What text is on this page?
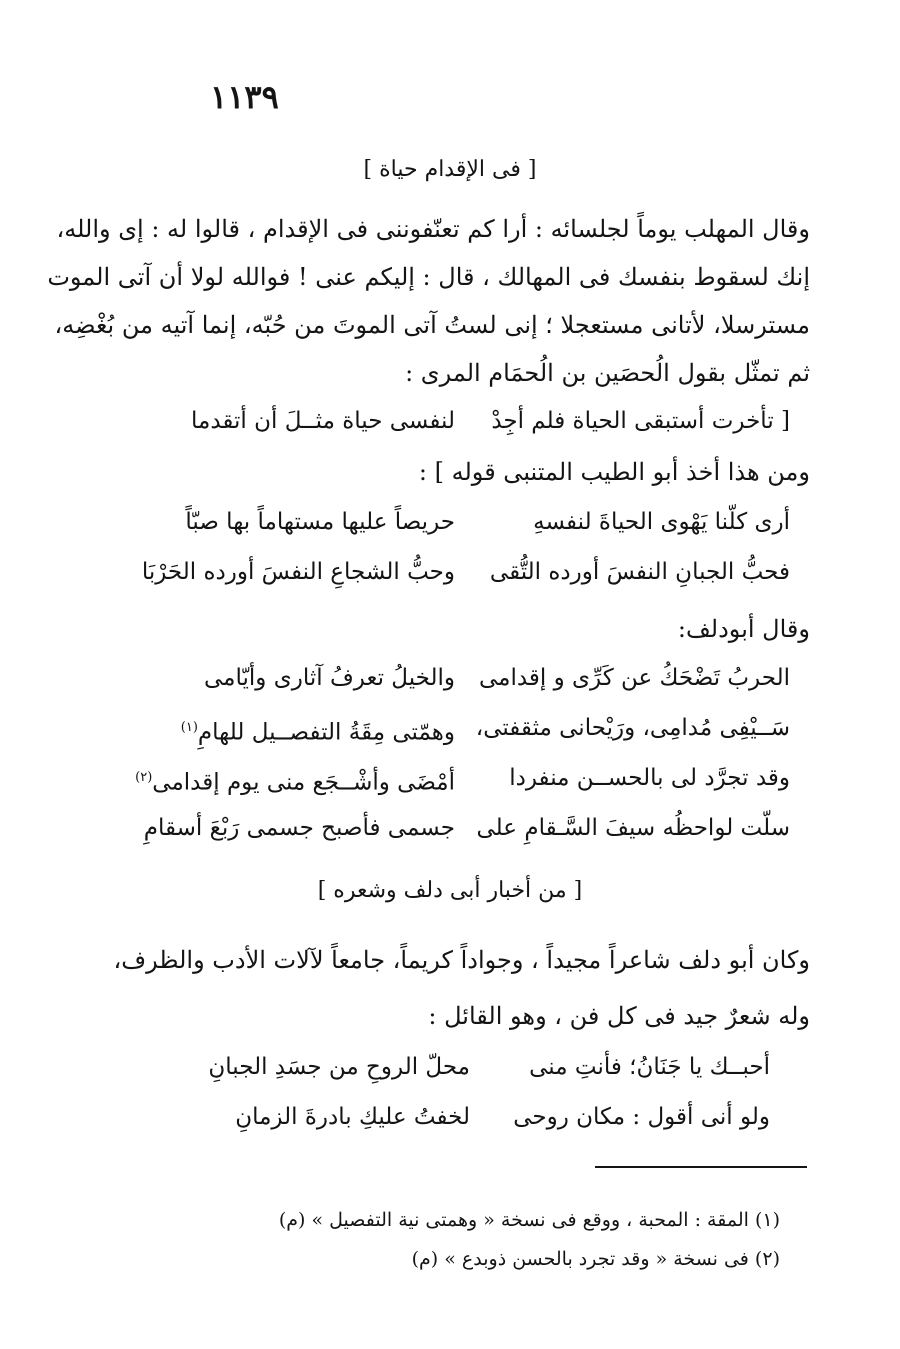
١١٣٩
[ فى الإقدام حياة ]
وقال المهلب يوماً لجلسائه : أرا كم تعنّفوننى فى الإقدام ، قالوا له : إى والله،
إنك لسقوط بنفسك فى المهالك ، قال : إليكم عنى ! فوالله لولا أن آتى الموت
مسترسلا، لأتانى مستعجلا ؛ إنى لستُ آتى الموتَ من حُبّه، إنما آتيه من بُغْضِه،
ثم تمثّل بقول الُحصَين بن الُحمَام المرى :
[ تأخرت أستبقى الحياة فلم أجِدْ
لنفسى حياة مثــلَ أن أتقدما
ومن هذا أخذ أبو الطيب المتنبى قوله ] :
أرى كلّنا يَهْوى الحياةَ لنفسهِ
حريصاً عليها مستهاماً بها صبّاً
فحبُّ الجبانِ النفسَ أورده التُّقى
وحبُّ الشجاعِ النفسَ أورده الحَرْبَا
وقال أبودلف:
الحربُ تَضْحَكُ عن كَرِّى و إقدامى
والخيلُ تعرفُ آثارى وأيّامى
سَــيْفِى مُدامِى، ورَيْحانى مثقفتى،
وهمّتى مِقَةُ التفصــيل للهامِ$^{(١)}$
وقد تجرَّد لى بالحســن منفردا
أمْضَى وأشْــجَع منى يوم إقدامى$^{(٢)}$
سلّت لواحظُه سيفَ السَّـقامِ على
جسمى فأصبح جسمى رَبْعَ أسقامِ
[ من أخبار أبى دلف وشعره ]
وكان أبو دلف شاعراً مجيداً ، وجواداً كريماً، جامعاً لآلات الأدب والظرف،
وله شعرٌ جيد فى كل فن ، وهو القائل :
أحبــك يا جَنَانُ؛ فأنتِ منى
محلّ الروحِ من جسَدِ الجبانِ
ولو أنى أقول : مكان روحى
لخفتُ عليكِ بادرةَ الزمانِ
(١) المقة : المحبة ، ووقع فى نسخة « وهمتى نية التفصيل » (م)
(٢) فى نسخة « وقد تجرد بالحسن ذوبدع » (م)
